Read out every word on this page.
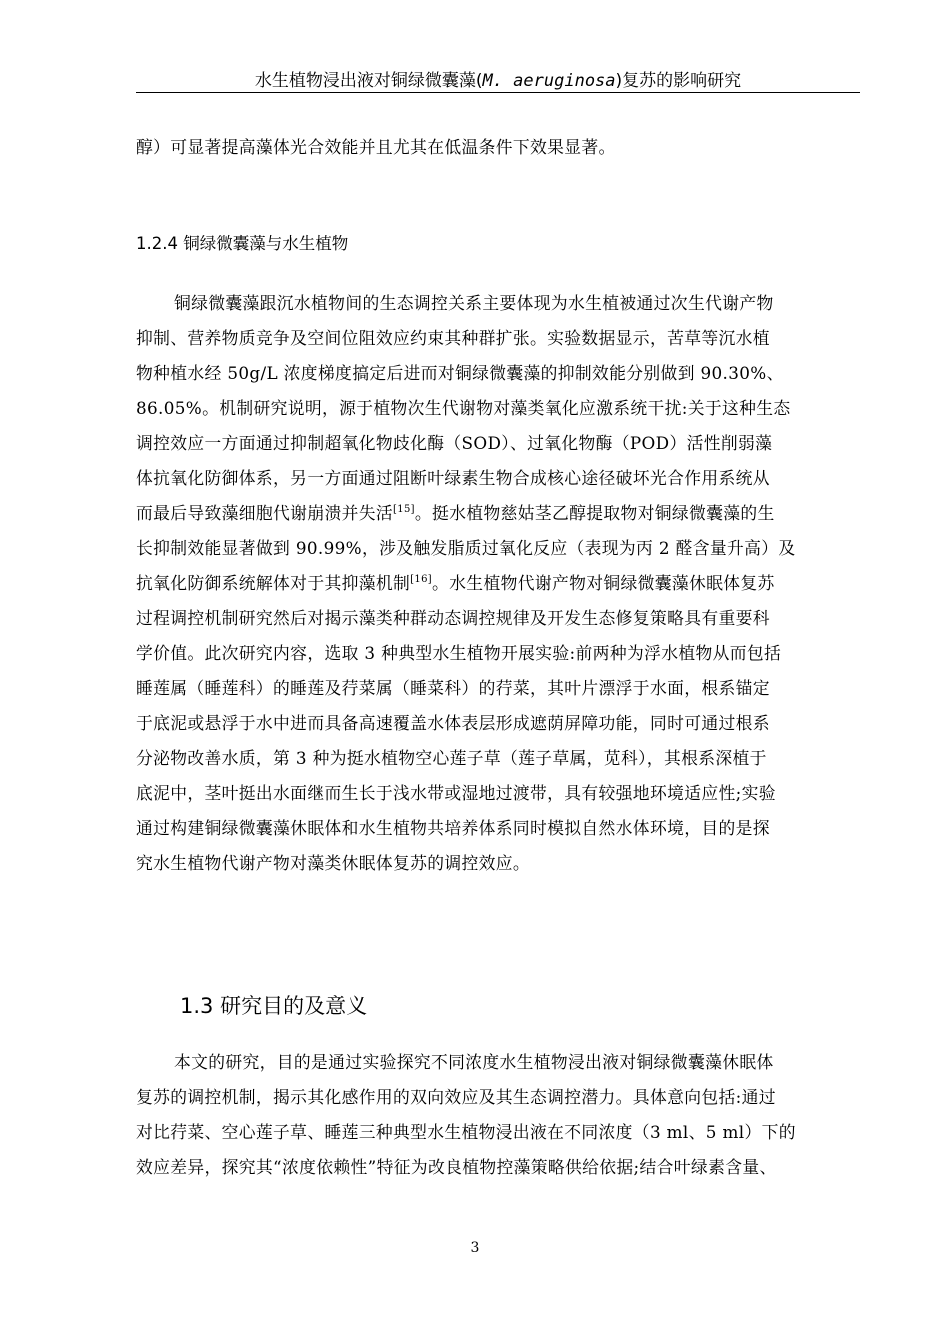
水生植物浸出液对铜绿微囊藻(M. aeruginosa)复苏的影响研究
醇）可显著提高藻体光合效能并且尤其在低温条件下效果显著。
1.2.4 铜绿微囊藻与水生植物
铜绿微囊藻跟沉水植物间的生态调控关系主要体现为水生植被通过次生代谢产物
抑制、营养物质竞争及空间位阻效应约束其种群扩张。实验数据显示，苦草等沉水植
物种植水经 50g/L 浓度梯度搞定后进而对铜绿微囊藻的抑制效能分别做到 90.30%、
86.05%。机制研究说明，源于植物次生代谢物对藻类氧化应激系统干扰:关于这种生态
调控效应一方面通过抑制超氧化物歧化酶（SOD）、过氧化物酶（POD）活性削弱藻
体抗氧化防御体系，另一方面通过阻断叶绿素生物合成核心途径破坏光合作用系统从
而最后导致藻细胞代谢崩溃并失活[15]。挺水植物慈姑茎乙醇提取物对铜绿微囊藻的生
长抑制效能显著做到 90.99%，涉及触发脂质过氧化反应（表现为丙 2 醛含量升高）及
抗氧化防御系统解体对于其抑藻机制[16]。水生植物代谢产物对铜绿微囊藻休眠体复苏
过程调控机制研究然后对揭示藻类种群动态调控规律及开发生态修复策略具有重要科
学价值。此次研究内容，选取 3 种典型水生植物开展实验:前两种为浮水植物从而包括
睡莲属（睡莲科）的睡莲及荇菜属（睡菜科）的荇菜，其叶片漂浮于水面，根系锚定
于底泥或悬浮于水中进而具备高速覆盖水体表层形成遮荫屏障功能，同时可通过根系
分泌物改善水质，第 3 种为挺水植物空心莲子草（莲子草属，苋科），其根系深植于
底泥中，茎叶挺出水面继而生长于浅水带或湿地过渡带，具有较强地环境适应性;实验
通过构建铜绿微囊藻休眠体和水生植物共培养体系同时模拟自然水体环境，目的是探
究水生植物代谢产物对藻类休眠体复苏的调控效应。
1.3 研究目的及意义
本文的研究，目的是通过实验探究不同浓度水生植物浸出液对铜绿微囊藻休眠体
复苏的调控机制，揭示其化感作用的双向效应及其生态调控潜力。具体意向包括:通过
对比荇菜、空心莲子草、睡莲三种典型水生植物浸出液在不同浓度（3 ml、5 ml）下的
效应差异，探究其“浓度依赖性”特征为改良植物控藻策略供给依据;结合叶绿素含量、
3
